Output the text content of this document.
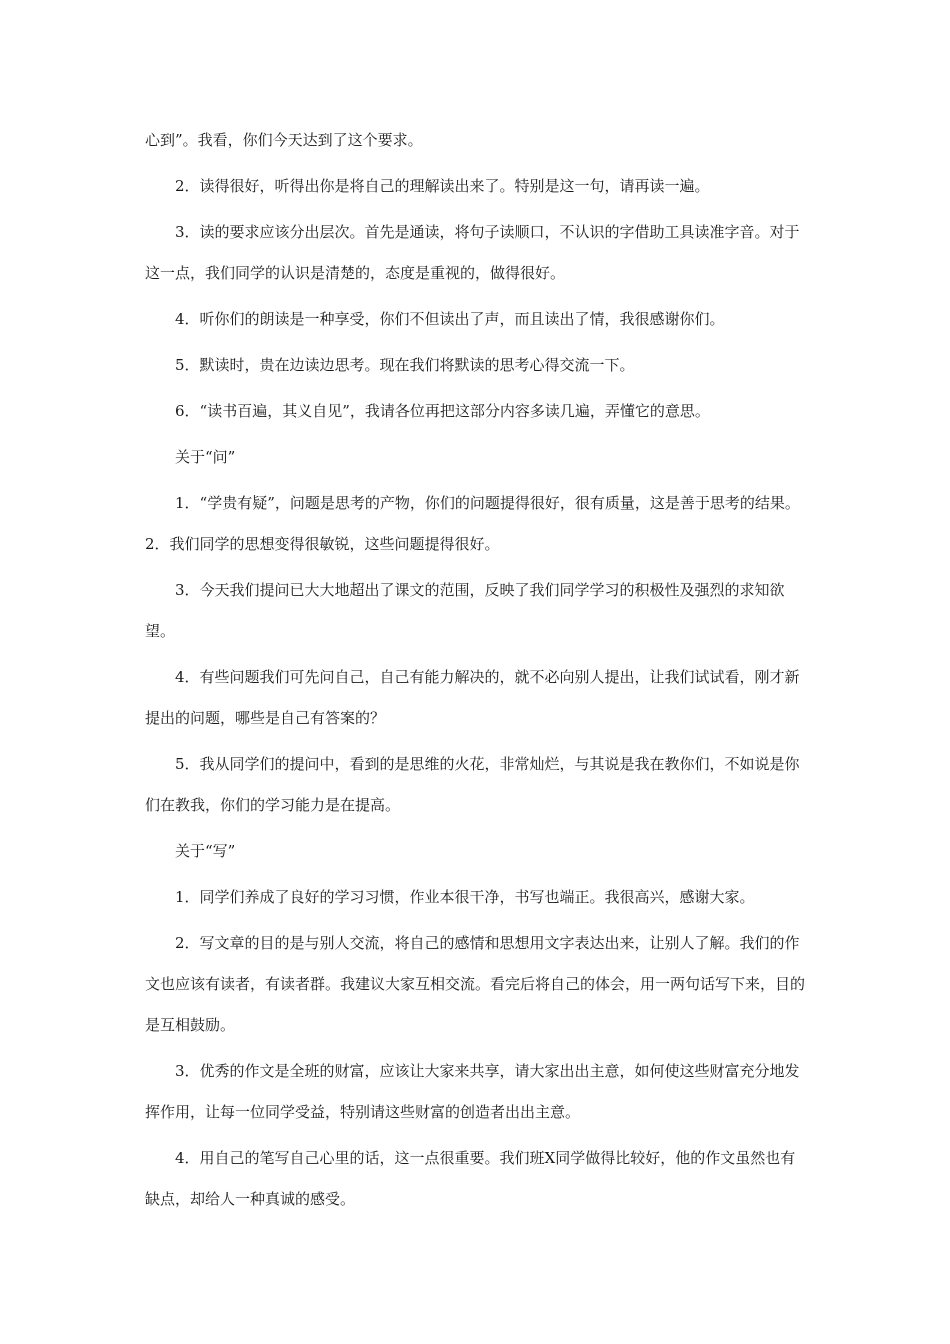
心到”。我看，你们今天达到了这个要求。

2．读得很好，听得出你是将自己的理解读出来了。特别是这一句，请再读一遍。

3．读的要求应该分出层次。首先是通读，将句子读顺口，不认识的字借助工具读准字音。对于这一点，我们同学的认识是清楚的，态度是重视的，做得很好。

4．听你们的朗读是一种享受，你们不但读出了声，而且读出了情，我很感谢你们。

5．默读时，贵在边读边思考。现在我们将默读的思考心得交流一下。

6．“读书百遍，其义自见”，我请各位再把这部分内容多读几遍，弄懂它的意思。

关于“问”

1．“学贵有疑”，问题是思考的产物，你们的问题提得很好，很有质量，这是善于思考的结果。2．我们同学的思想变得很敏锐，这些问题提得很好。

3．今天我们提问已大大地超出了课文的范围，反映了我们同学学习的积极性及强烈的求知欲望。

4．有些问题我们可先问自己，自己有能力解决的，就不必向别人提出，让我们试试看，刚才新提出的问题，哪些是自己有答案的？

5．我从同学们的提问中，看到的是思维的火花，非常灿烂，与其说是我在教你们，不如说是你们在教我，你们的学习能力是在提高。

关于“写”

1．同学们养成了良好的学习习惯，作业本很干净，书写也端正。我很高兴，感谢大家。

2．写文章的目的是与别人交流，将自己的感情和思想用文字表达出来，让别人了解。我们的作文也应该有读者，有读者群。我建议大家互相交流。看完后将自己的体会，用一两句话写下来，目的是互相鼓励。

3．优秀的作文是全班的财富，应该让大家来共享，请大家出出主意，如何使这些财富充分地发挥作用，让每一位同学受益，特别请这些财富的创造者出出主意。

4．用自己的笔写自己心里的话，这一点很重要。我们班X同学做得比较好，他的作文虽然也有缺点，却给人一种真诚的感受。
